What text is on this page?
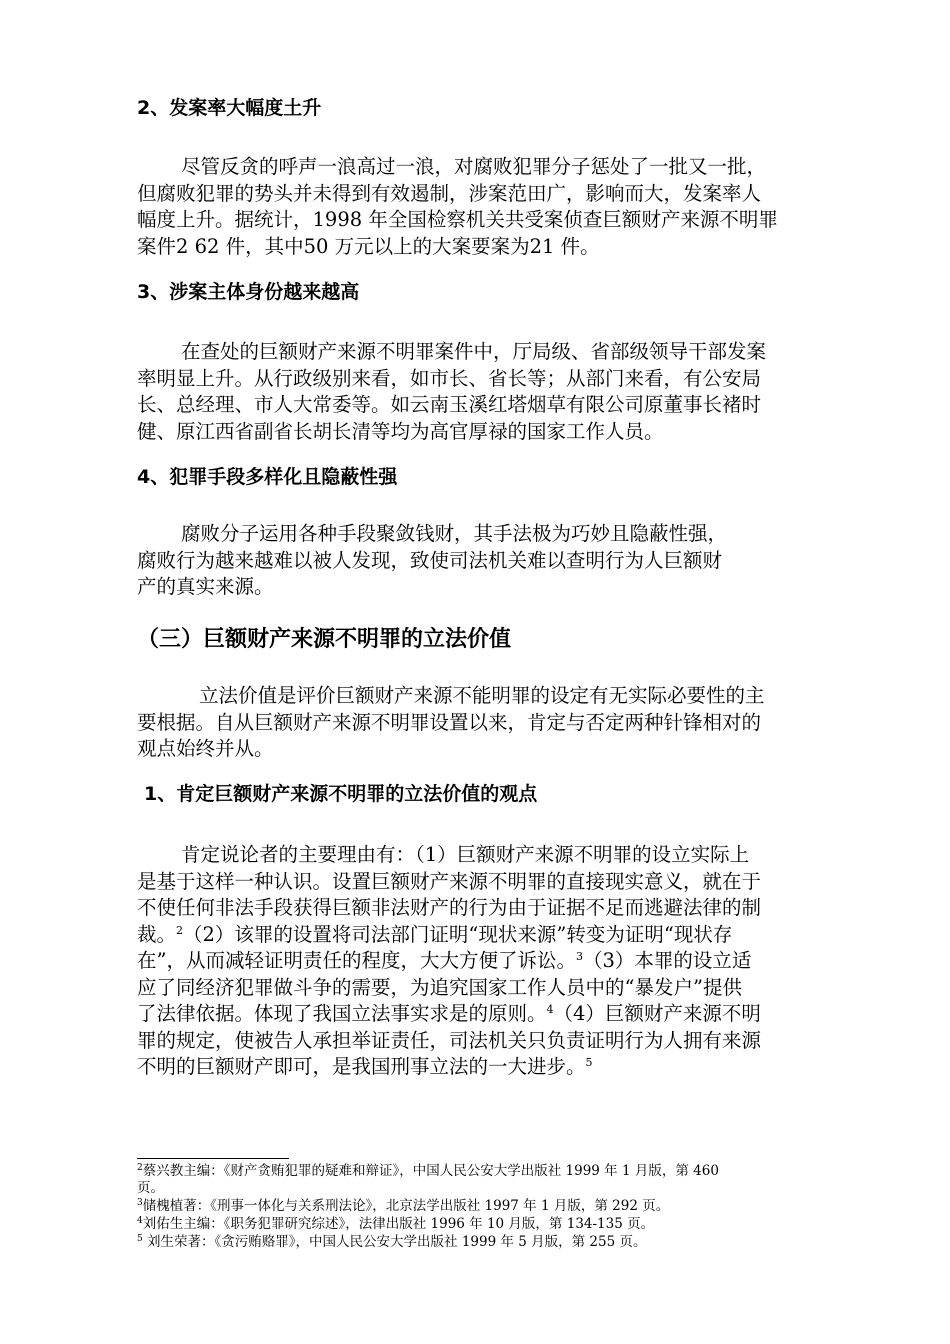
2、发案率大幅度土升
尽管反贪的呼声一浪高过一浪，对腐败犯罪分子惩处了一批又一批，
但腐败犯罪的势头并未得到有效遏制，涉案范田广，影响而大，发案率人
幅度上升。据统计，1998 年全国检察机关共受案侦查巨额财产来源不明罪
案件2 62 件，其中50 万元以上的大案要案为21 件。
3、涉案主体身份越来越高
在查处的巨额财产来源不明罪案件中，厅局级、省部级领导干部发案
率明显上升。从行政级别来看，如市长、省长等；从部门来看，有公安局
长、总经理、市人大常委等。如云南玉溪红塔烟草有限公司原董事长褚时
健、原江西省副省长胡长清等均为高官厚禄的国家工作人员。
4、犯罪手段多样化且隐蔽性强
腐败分子运用各种手段聚敛钱财，其手法极为巧妙且隐蔽性强，
腐败行为越来越难以被人发现，致使司法机关难以查明行为人巨额财
产的真实来源。
（三）巨额财产来源不明罪的立法价值
立法价值是评价巨额财产来源不能明罪的设定有无实际必要性的主
要根据。自从巨额财产来源不明罪设置以来，肯定与否定两种针锋相对的
观点始终并从。
1、肯定巨额财产来源不明罪的立法价值的观点
肯定说论者的主要理由有：（1）巨额财产来源不明罪的设立实际上
是基于这样一种认识。设置巨额财产来源不明罪的直接现实意义，就在于
不使任何非法手段获得巨额非法财产的行为由于证据不足而逃避法律的制
裁。$^2$（2）该罪的设置将司法部门证明“现状来源”转变为证明“现状存
在”，从而减轻证明责任的程度，大大方便了诉讼。$^3$（3）本罪的设立适
应了同经济犯罪做斗争的需要，为追究国家工作人员中的“暴发户”提供
了法律依据。体现了我国立法事实求是的原则。$^4$（4）巨额财产来源不明
罪的规定，使被告人承担举证责任，司法机关只负责证明行为人拥有来源
不明的巨额财产即可，是我国刑事立法的一大进步。$^5$

$^2$蔡兴教主编：《财产贪贿犯罪的疑难和辩证》，中国人民公安大学出版社 1999 年 1 月版，第 460

页。

$^3$储槐植著：《刑事一体化与关系刑法论》，北京法学出版社 1997 年 1 月版，第 292 页。

$^4$刘佑生主编：《职务犯罪研究综述》，法律出版社 1996 年 10 月版，第 134-135 页。

$^5$ 刘生荣著：《贪污贿赂罪》，中国人民公安大学出版社 1999 年 5 月版，第 255 页。
